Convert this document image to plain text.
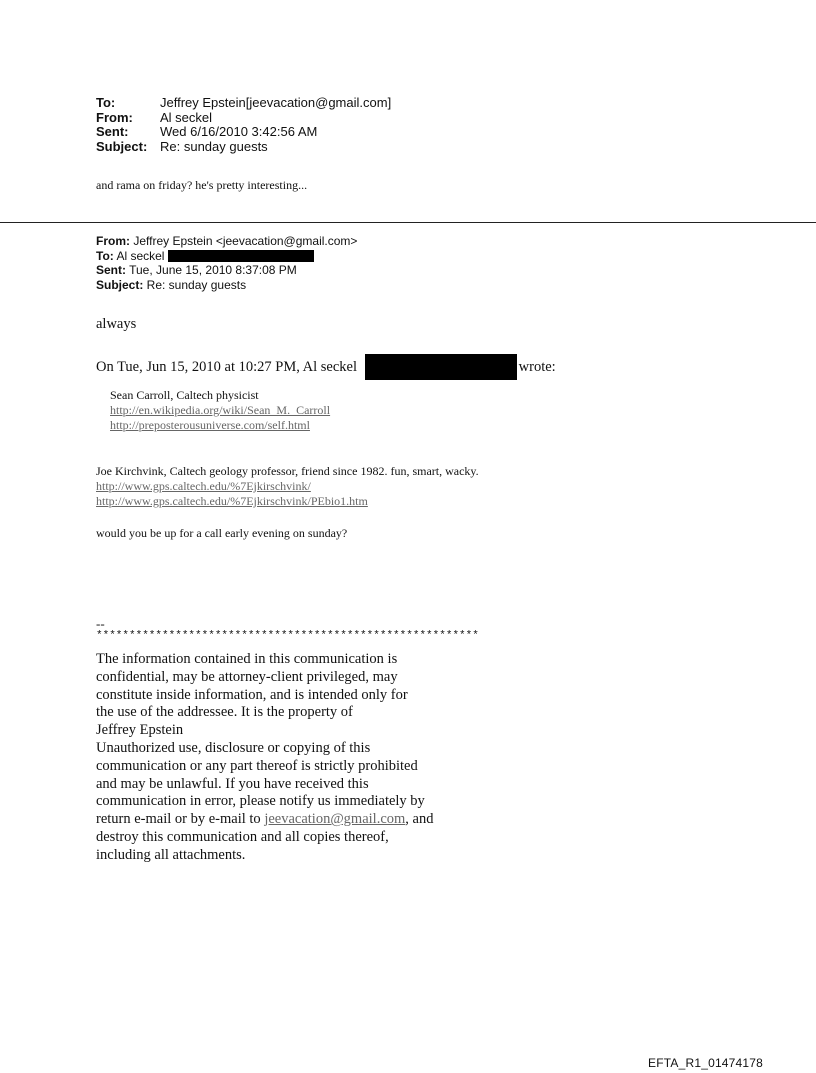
To:	Jeffrey Epstein[jeevacation@gmail.com]
From:	Al seckel
Sent:	Wed 6/16/2010 3:42:56 AM
Subject: Re: sunday guests
and rama on friday? he's pretty interesting...
From: Jeffrey Epstein <jeevacation@gmail.com>
To: Al seckel
Sent: Tue, June 15, 2010 8:37:08 PM
Subject: Re: sunday guests
always
On Tue, Jun 15, 2010 at 10:27 PM, Al seckel	wrote:
Sean Carroll, Caltech physicist
http://en.wikipedia.org/wiki/Sean_M._Carroll
http://preposterousuniverse.com/self.html
Joe Kirchvink, Caltech geology professor, friend since 1982. fun, smart, wacky.
http://www.gps.caltech.edu/%7Ejkirschvink/
http://www.gps.caltech.edu/%7Ejkirschvink/PEbio1.htm
would you be up for a call early evening on sunday?
--
**********************************************************
The information contained in this communication is
confidential, may be attorney-client privileged, may
constitute inside information, and is intended only for
the use of the addressee. It is the property of
Jeffrey Epstein
Unauthorized use, disclosure or copying of this
communication or any part thereof is strictly prohibited
and may be unlawful. If you have received this
communication in error, please notify us immediately by
return e-mail or by e-mail to jeevacation@gmail.com, and
destroy this communication and all copies thereof,
including all attachments.
EFTA_R1_01474178
